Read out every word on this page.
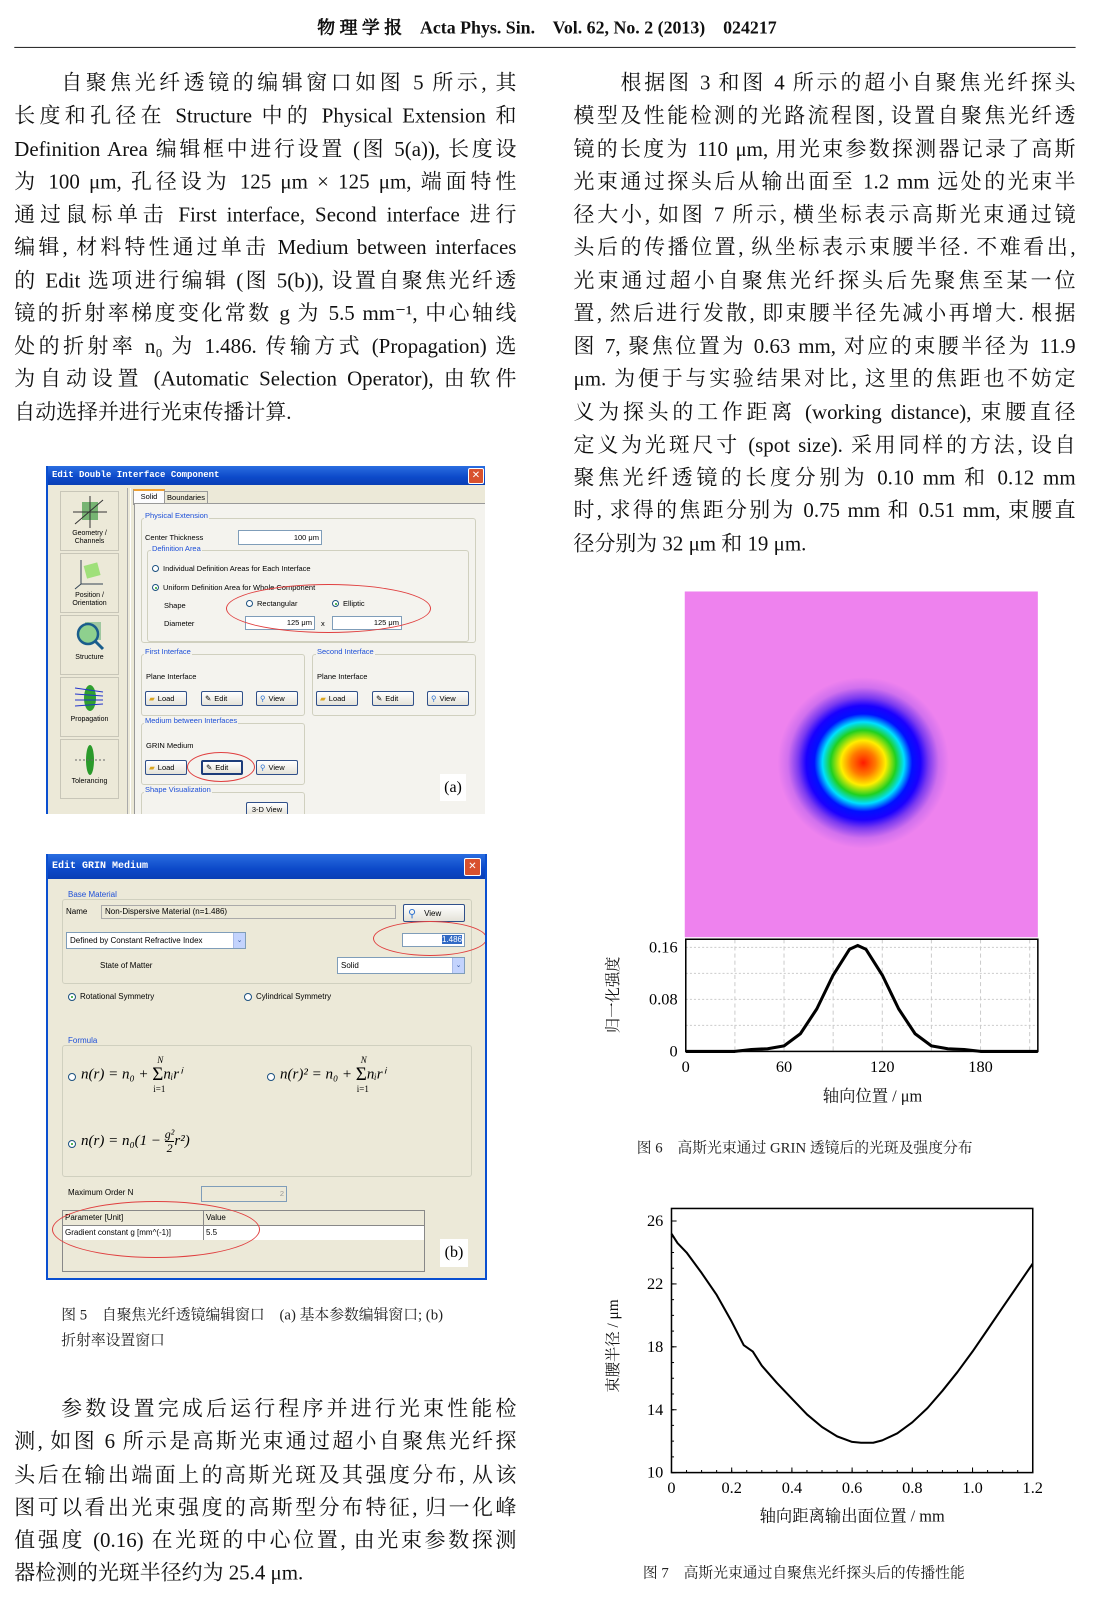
物 理 学 报    Acta Phys. Sin.    Vol. 62, No. 2 (2013)    024217
自聚焦光纤透镜的编辑窗口如图 5 所示, 其
长度和孔径在 Structure 中的 Physical Extension 和
Definition Area 编辑框中进行设置 (图 5(a)), 长度设
为 100 μm, 孔径设为 125 μm × 125 μm, 端面特性
通过鼠标单击 First interface, Second interface 进行
编辑, 材料特性通过单击 Medium between interfaces
的 Edit 选项进行编辑 (图 5(b)), 设置自聚焦光纤透
镜的折射率梯度变化常数 g 为 5.5 mm⁻¹, 中心轴线
处的折射率 n₀ 为 1.486. 传输方式 (Propagation) 选
为自动设置 (Automatic Selection Operator), 由软件
自动选择并进行光束传播计算.
参数设置完成后运行程序并进行光束性能检
测, 如图 6 所示是高斯光束通过超小自聚焦光纤探
头后在输出端面上的高斯光斑及其强度分布, 从该
图可以看出光束强度的高斯型分布特征, 归一化峰
值强度 (0.16) 在光斑的中心位置, 由光束参数探测
器检测的光斑半径约为 25.4 μm.
根据图 3 和图 4 所示的超小自聚焦光纤探头
模型及性能检测的光路流程图, 设置自聚焦光纤透
镜的长度为 110 μm, 用光束参数探测器记录了高斯
光束通过探头后从输出面至 1.2 mm 远处的光束半
径大小, 如图 7 所示, 横坐标表示高斯光束通过镜
头后的传播位置, 纵坐标表示束腰半径. 不难看出,
光束通过超小自聚焦光纤探头后先聚焦至某一位
置, 然后进行发散, 即束腰半径先减小再增大. 根据
图 7, 聚焦位置为 0.63 mm, 对应的束腰半径为 11.9
μm. 为便于与实验结果对比, 这里的焦距也不妨定
义为探头的工作距离 (working distance), 束腰直径
定义为光斑尺寸 (spot size). 采用同样的方法, 设自
聚焦光纤透镜的长度分别为 0.10 mm 和 0.12 mm
时, 求得的焦距分别为 0.75 mm 和 0.51 mm, 束腰直
径分别为 32 μm 和 19 μm.
图 5　自聚焦光纤透镜编辑窗口　(a) 基本参数编辑窗口; (b)
折射率设置窗口
0	60	120	180
0
0.08
0.16
归一化强度
轴向位置 / μm
图 6　高斯光束通过 GRIN 透镜后的光斑及强度分布
0	0.2 0.4 0.6 0.8 1.0 1.2
10
14
18
22
26
束腰半径 / μm
轴向距离输出面位置 / mm
图 7　高斯光束通过自聚焦光纤探头后的传播性能
Edit Double Interface Component	✕
Geometry /
Channels
Position /
Orientation
Structure
Propagation
Tolerancing
Solid	Boundaries
Physical Extension
Center Thickness	100 μm
Definition Area
Individual Definition Areas for Each Interface
Uniform Definition Area for Whole Component
Shape	Rectangular	Elliptic
Diameter	125 μm	x	125 μm
First Interface
Plane Interface
▰ Load	✎ Edit	⚲ View
Second Interface
Plane Interface
▰ Load	✎ Edit	⚲ View
Medium between Interfaces
GRIN Medium
▰ Load	✎ Edit	⚲ View
Shape Visualization
3-D View
(a)
Edit GRIN Medium	✕
Base Material
Name	Non-Dispersive Material (n=1.486)	⚲ View
Defined by Constant Refractive Index	⌄	1.486
State of Matter	Solid	⌄
Rotational Symmetry	Cylindrical Symmetry
Formula
n(r) = n₀ + Σ
N
i=1
nᵢrⁱ	n(r)² = n₀ + Σ
N
i=1
nᵢrⁱ
$n(r) = n_0(1 - \frac{\text{g²}}{2} r^2)$
Maximum Order N	2
Parameter [Unit]	Value
Gradient constant g [mm^(-1)]	5.5
(b)
